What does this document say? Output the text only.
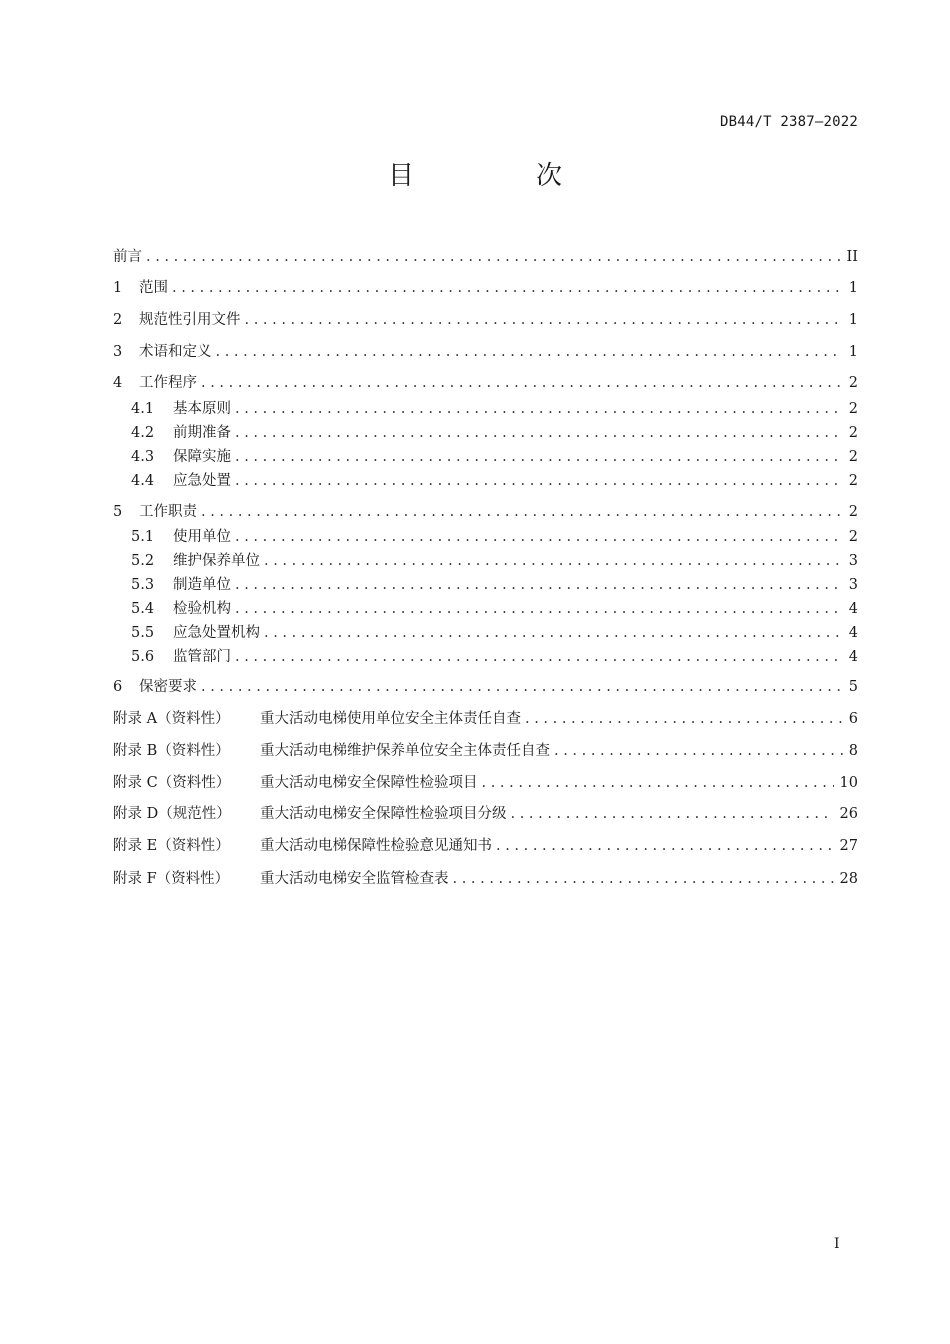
DB44/T 2387—2022
目　次
前言 .....	II
1	范围 .....	1
2	规范性引用文件 .....	1
3	术语和定义 .....	1
4	工作程序 .....	2
4.1	基本原则 .....	2
4.2	前期准备 .....	2
4.3	保障实施 .....	2
4.4	应急处置 .....	2
5	工作职责 .....	2
5.1	使用单位 .....	2
5.2	维护保养单位 .....	3
5.3	制造单位 .....	3
5.4	检验机构 .....	4
5.5	应急处置机构 .....	4
5.6	监管部门 .....	4
6	保密要求 .....	5
附录 A（资料性）	重大活动电梯使用单位安全主体责任自查 .....	6
附录 B（资料性）	重大活动电梯维护保养单位安全主体责任自查 .....	8
附录 C（资料性）	重大活动电梯安全保障性检验项目 .....	10
附录 D（规范性）	重大活动电梯安全保障性检验项目分级 .....	26
附录 E（资料性）	重大活动电梯保障性检验意见通知书 .....	27
附录 F（资料性）	重大活动电梯安全监管检查表 .....	28
I
